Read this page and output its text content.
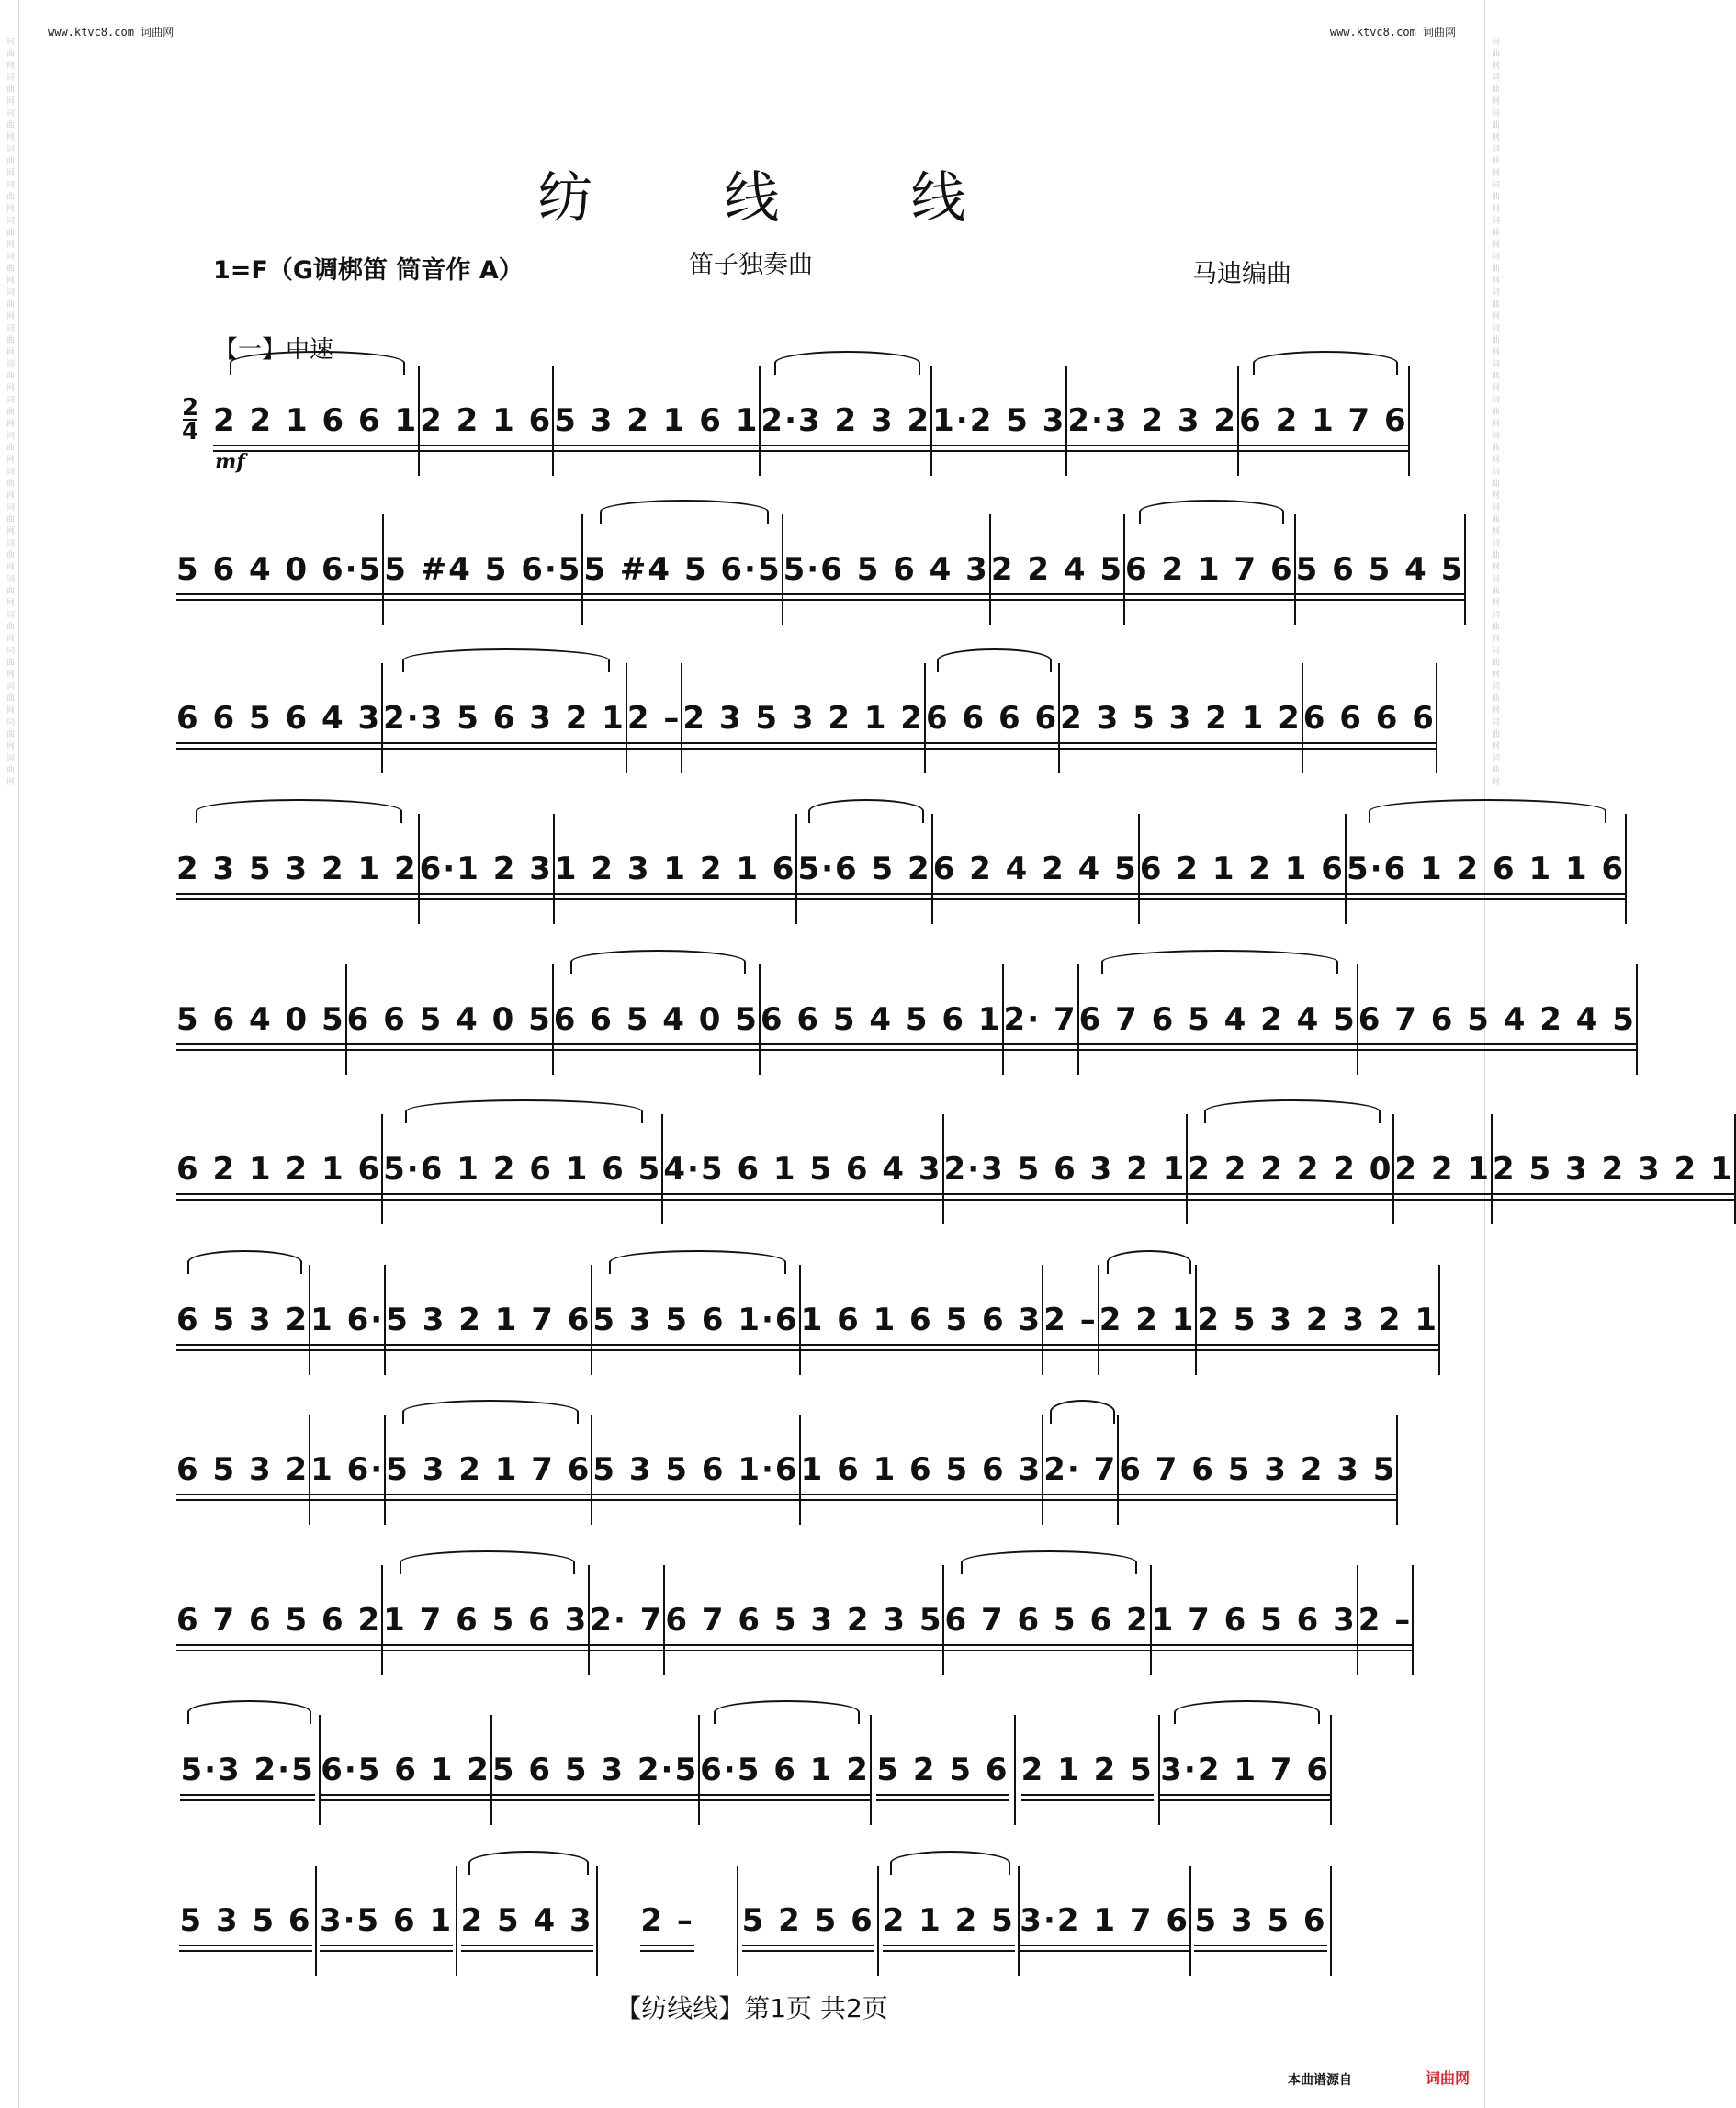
词
曲
网
词
曲
网
词
曲
网
词
曲
网
词
曲
网
词
曲
网
词
曲
网
词
曲
网
词
曲
网
词
曲
网
词
曲
网
词
曲
网
词
曲
网
词
曲
网
词
曲
网
词
曲
网
词
曲
网
词
曲
网
词
曲
网
词
曲
网
词
曲
网
词
曲
网
词
曲
网
词
曲
网
词
曲
网
词
曲
网
词
曲
网
词
曲
网
词
曲
网
词
曲
网
词
曲
网
词
曲
网
词
曲
网
词
曲
网
词
曲
网
词
曲
网
词
曲
网
词
曲
网
词
曲
网
词
曲
网
词
曲
网
词
曲
网
www.ktvc8.com 词曲网	www.ktvc8.com 词曲网
纺 线 线
1=F（G调梆笛 筒音作 A）	笛子独奏曲	马迪编曲
【一】中速
2
4
mf
2 2 1 6 6 1 2 2 1 6 5 3 2 1 6 1 2·3 2 3 2 1·2 5 3 2·3 2 3 2 6 2 1 7 6
5 6 4 0 6·5 5 #4 5 6·5 5 #4 5 6·5 5·6 5 6 4 3 2 2 4 5 6 2 1 7 6 5 6 5 4 5
6 6 5 6 4 3 2·3 5 6 3 2 1 2 – 2 3 5 3 2 1 2 6 6 6 6 2 3 5 3 2 1 2 6 6 6 6
2 3 5 3 2 1 2 6·1 2 3 1 2 3 1 2 1 6 5·6 5 2 6 2 4 2 4 5 6 2 1 2 1 6 5·6 1 2 6 1 1 6
5 6 4 0 5 6 6 5 4 0 5 6 6 5 4 0 5 6 6 5 4 5 6 1 2· 7 6 7 6 5 4 2 4 5 6 7 6 5 4 2 4 5
6 2 1 2 1 6 5·6 1 2 6 1 6 5 4·5 6 1 5 6 4 3 2·3 5 6 3 2 1 2 2 2 2 2 0 2 2 1 2 5 3 2 3 2 1
6 5 3 2 1 6· 5 3 2 1 7 6 5 3 5 6 1·6 1 6 1 6 5 6 3 2 – 2 2 1 2 5 3 2 3 2 1
6 5 3 2 1 6· 5 3 2 1 7 6 5 3 5 6 1·6 1 6 1 6 5 6 3 2· 7 6 7 6 5 3 2 3 5
6 7 6 5 6 2 1 7 6 5 6 3 2· 7 6 7 6 5 3 2 3 5 6 7 6 5 6 2 1 7 6 5 6 3 2 –
5·3 2·5 6·5 6 1 2 5 6 5 3 2·5 6·5 6 1 2 5 2 5 6 2 1 2 5 3·2 1 7 6
5 3 5 6 3·5 6 1 2 5 4 3 2 – 5 2 5 6 2 1 2 5 3·2 1 7 6 5 3 5 6
【纺线线】第1页 共2页
本曲谱源自	词曲网
